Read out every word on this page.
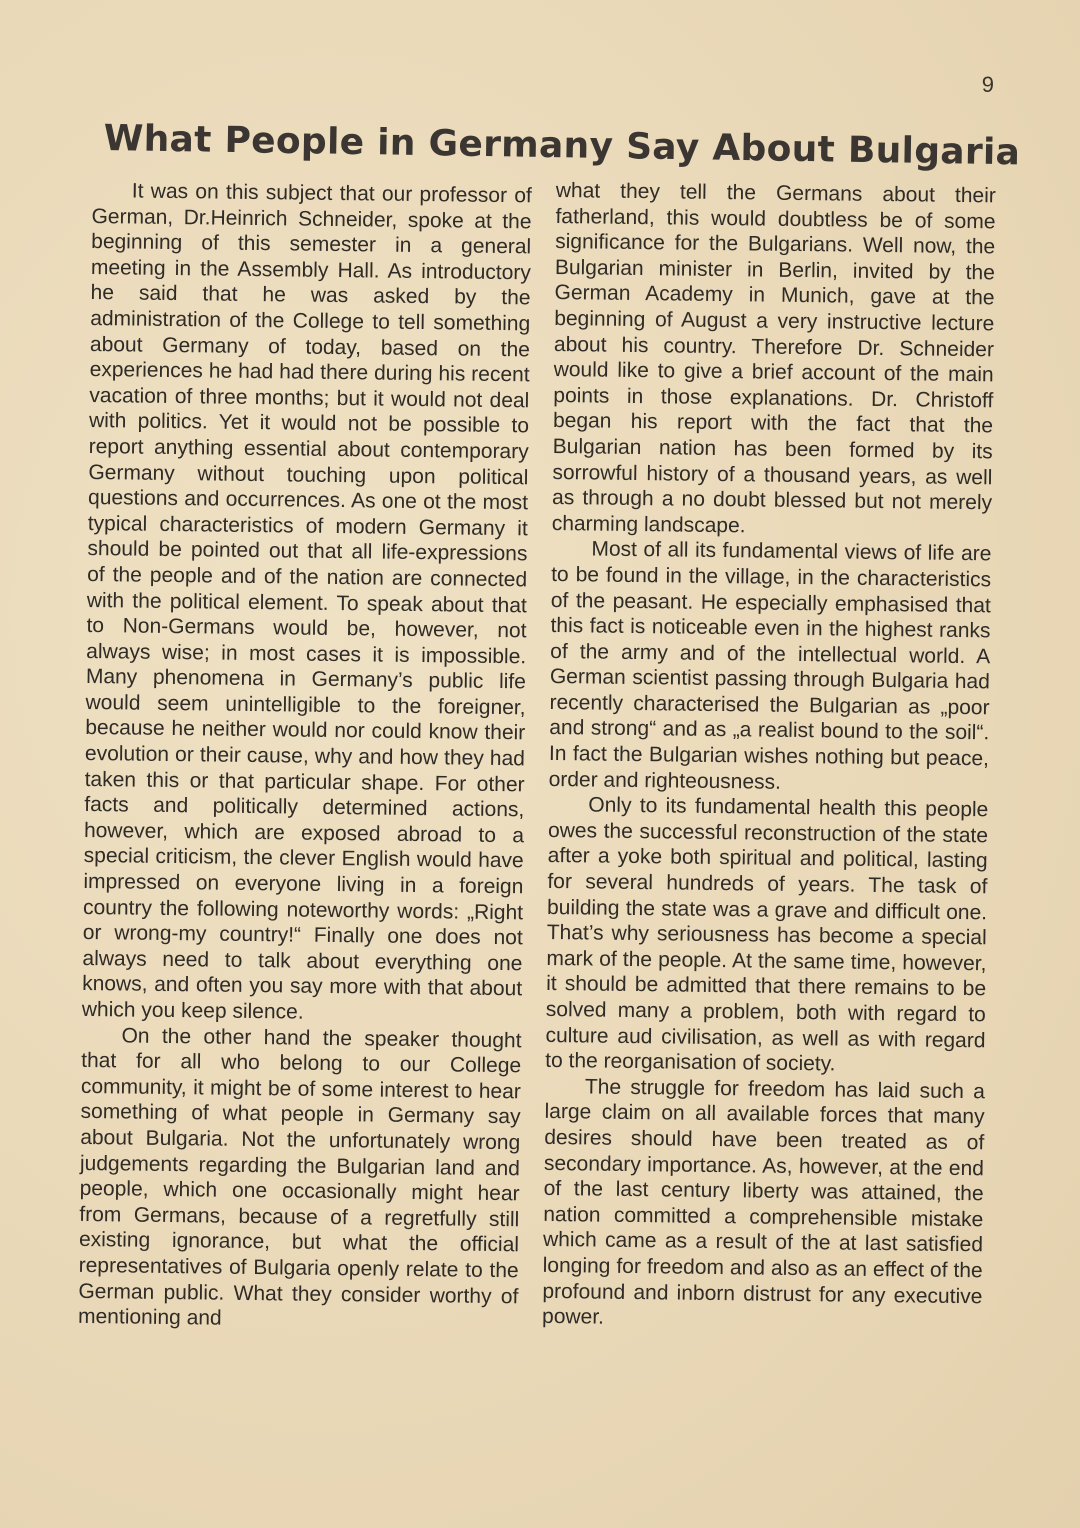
9
What People in Germany Say About Bulgaria

It was on this subject that our professor of German, Dr.Heinrich Schneider, spoke at the beginning of this semester in a general meeting in the Assembly Hall. As introductory he said that he was asked by the administration of the College to tell something about Germany of today, based on the experiences he had had there during his recent vacation of three months; but it would not deal with politics. Yet it would not be possible to report anything essential about contemporary Germany without touching upon political questions and occurrences. As one ot the most typical characteristics of modern Germany it should be pointed out that all life-expressions of the people and of the nation are connected with the political element. To speak about that to Non-Germans would be, however, not always wise; in most cases it is impossible. Many phenomena in Germany’s public life would seem unintelligible to the foreigner, because he neither would nor could know their evolution or their cause, why and how they had taken this or that particular shape. For other facts and politically determined actions, however, which are exposed abroad to a special criticism, the clever English would have impressed on everyone living in a foreign country the following noteworthy words: „Right or wrong-my country!“ Finally one does not always need to talk about everything one knows, and often you say more with that about which you keep silence.

On the other hand the speaker thought that for all who belong to our College community, it might be of some interest to hear something of what people in Germany say about Bulgaria. Not the unfortunately wrong judgements regarding the Bulgarian land and people, which one occasionally might hear from Germans, because of a regretfully still existing ignorance, but what the official representatives of Bulgaria openly relate to the German public. What they consider worthy of mentioning and

what they tell the Germans about their fatherland, this would doubtless be of some significance for the Bulgarians. Well now, the Bulgarian minister in Berlin, invited by the German Academy in Munich, gave at the beginning of August a very instructive lecture about his country. Therefore Dr. Schneider would like to give a brief account of the main points in those explanations. Dr. Christoff began his report with the fact that the Bulgarian nation has been formed by its sorrowful history of a thousand years, as well as through a no doubt blessed but not merely charming landscape.

Most of all its fundamental views of life are to be found in the village, in the characteristics of the peasant. He especially emphasised that this fact is noticeable even in the highest ranks of the army and of the intellectual world. A German scientist passing through Bulgaria had recently characterised the Bulgarian as „poor and strong“ and as „a realist bound to the soil“. In fact the Bulgarian wishes nothing but peace, order and righteousness.

Only to its fundamental health this people owes the successful reconstruction of the state after a yoke both spiritual and political, lasting for several hundreds of years. The task of building the state was a grave and difficult one. That’s why seriousness has become a special mark of the people. At the same time, however, it should be admitted that there remains to be solved many a problem, both with regard to culture aud civilisation, as well as with regard to the reorganisation of society.

The struggle for freedom has laid such a large claim on all available forces that many desires should have been treated as of secondary importance. As, however, at the end of the last century liberty was attained, the nation committed a comprehensible mistake which came as a result of the at last satisfied longing for freedom and also as an effect of the profound and inborn distrust for any executive power.
